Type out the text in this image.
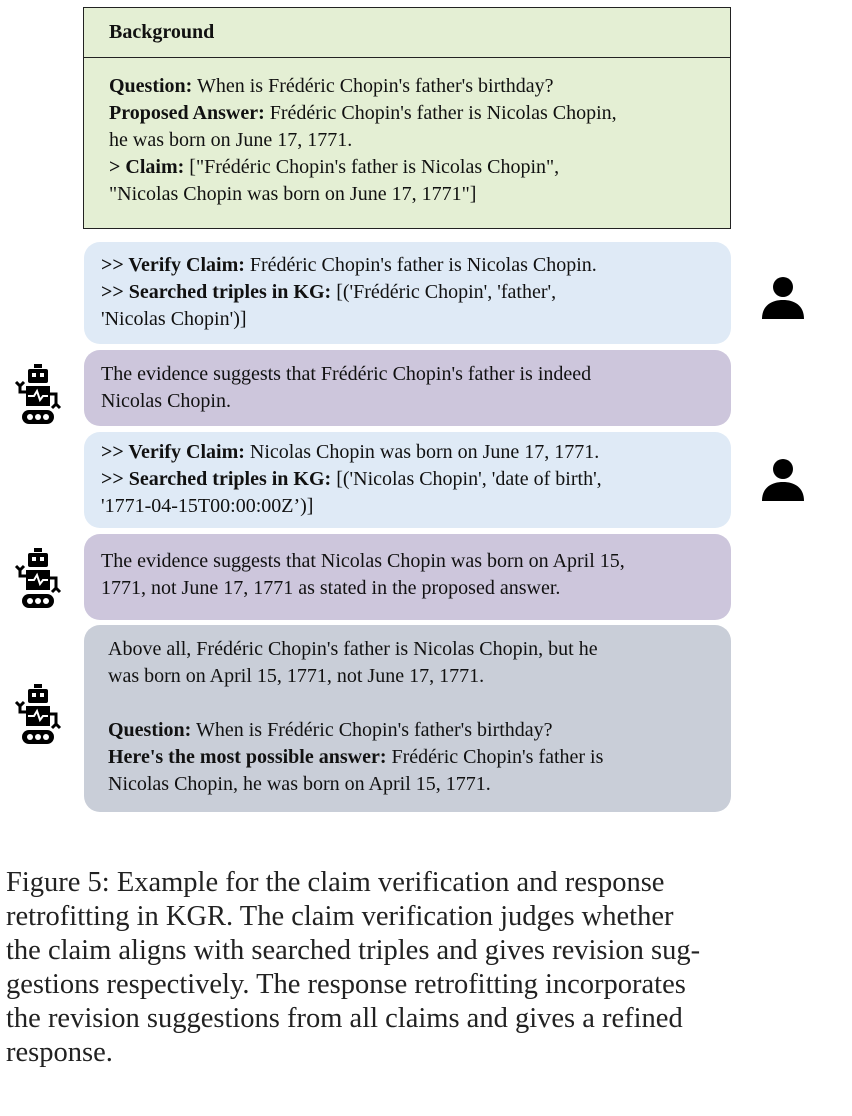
Background
Question: When is Frédéric Chopin's father's birthday?
Proposed Answer: Frédéric Chopin's father is Nicolas Chopin,
he was born on June 17, 1771.
> Claim: ["Frédéric Chopin's father is Nicolas Chopin",
"Nicolas Chopin was born on June 17, 1771"]
>> Verify Claim: Frédéric Chopin's father is Nicolas Chopin.
>> Searched triples in KG: [('Frédéric Chopin', 'father',
'Nicolas Chopin')]
The evidence suggests that Frédéric Chopin's father is indeed
Nicolas Chopin.
>> Verify Claim: Nicolas Chopin was born on June 17, 1771.
>> Searched triples in KG: [('Nicolas Chopin', 'date of birth',
'1771-04-15T00:00:00Z’)]
The evidence suggests that Nicolas Chopin was born on April 15,
1771, not June 17, 1771 as stated in the proposed answer.
Above all, Frédéric Chopin's father is Nicolas Chopin, but he
was born on April 15, 1771, not June 17, 1771.
Question: When is Frédéric Chopin's father's birthday?
Here's the most possible answer: Frédéric Chopin's father is
Nicolas Chopin, he was born on April 15, 1771.
Figure 5: Example for the claim verification and response
retrofitting in KGR. The claim verification judges whether
the claim aligns with searched triples and gives revision sug-
gestions respectively. The response retrofitting incorporates
the revision suggestions from all claims and gives a refined
response.
